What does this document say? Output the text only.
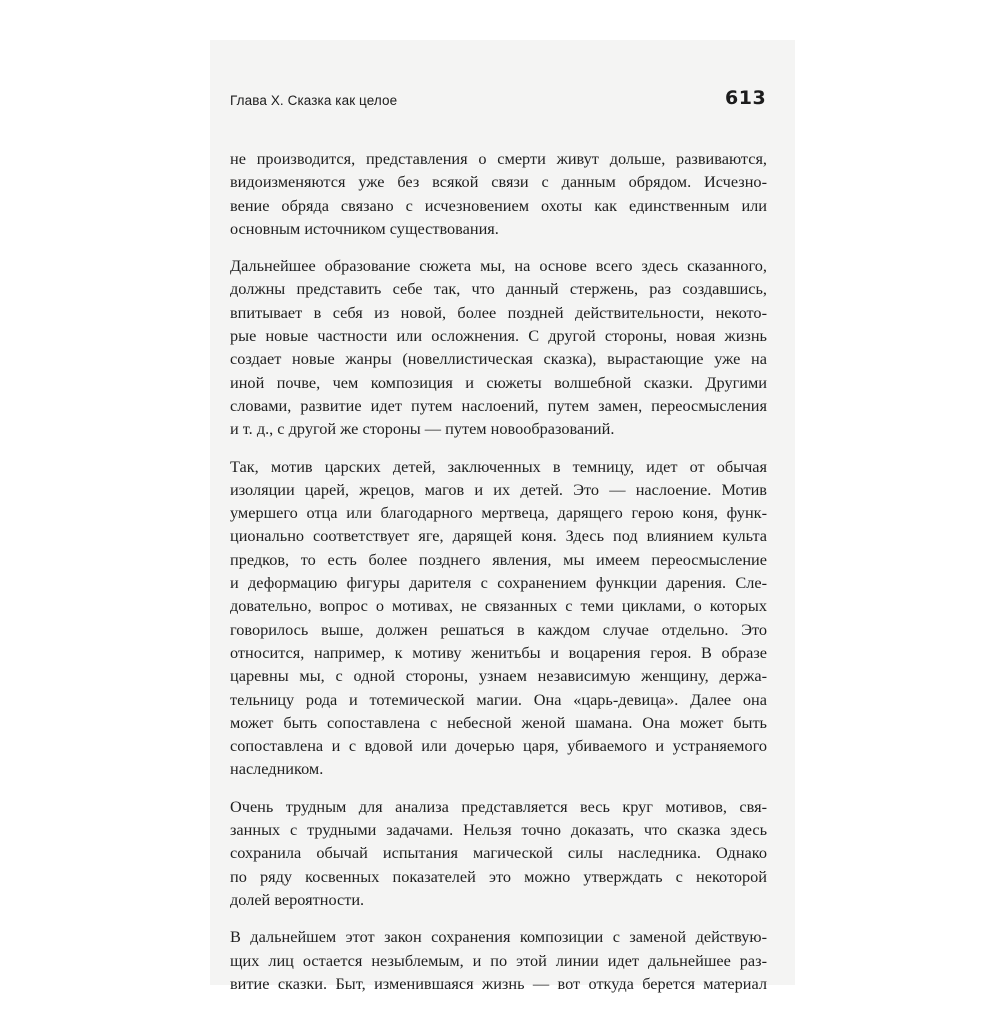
Глава X. Сказка как целое	613

не производится, представления о смерти живут дольше, развиваются,
видоизменяются уже без всякой связи с данным обрядом. Исчезно-
вение обряда связано с исчезновением охоты как единственным или
основным источником существования.

Дальнейшее образование сюжета мы, на основе всего здесь сказанного,
должны представить себе так, что данный стержень, раз создавшись,
впитывает в себя из новой, более поздней действительности, некото-
рые новые частности или осложнения. С другой стороны, новая жизнь
создает новые жанры (новеллистическая сказка), вырастающие уже на
иной почве, чем композиция и сюжеты волшебной сказки. Другими
словами, развитие идет путем наслоений, путем замен, переосмысления
и т. д., с другой же стороны — путем новообразований.

Так, мотив царских детей, заключенных в темницу, идет от обычая
изоляции царей, жрецов, магов и их детей. Это — наслоение. Мотив
умершего отца или благодарного мертвеца, дарящего герою коня, функ-
ционально соответствует яге, дарящей коня. Здесь под влиянием культа
предков, то есть более позднего явления, мы имеем переосмысление
и деформацию фигуры дарителя с сохранением функции дарения. Сле-
довательно, вопрос о мотивах, не связанных с теми циклами, о которых
говорилось выше, должен решаться в каждом случае отдельно. Это
относится, например, к мотиву женитьбы и воцарения героя. В образе
царевны мы, с одной стороны, узнаем независимую женщину, держа-
тельницу рода и тотемической магии. Она «царь-девица». Далее она
может быть сопоставлена с небесной женой шамана. Она может быть
сопоставлена и с вдовой или дочерью царя, убиваемого и устраняемого
наследником.

Очень трудным для анализа представляется весь круг мотивов, свя-
занных с трудными задачами. Нельзя точно доказать, что сказка здесь
сохранила обычай испытания магической силы наследника. Однако
по ряду косвенных показателей это можно утверждать с некоторой
долей вероятности.

В дальнейшем этот закон сохранения композиции с заменой действую-
щих лиц остается незыблемым, и по этой линии идет дальнейшее раз-
витие сказки. Быт, изменившаяся жизнь — вот откуда берется материал
